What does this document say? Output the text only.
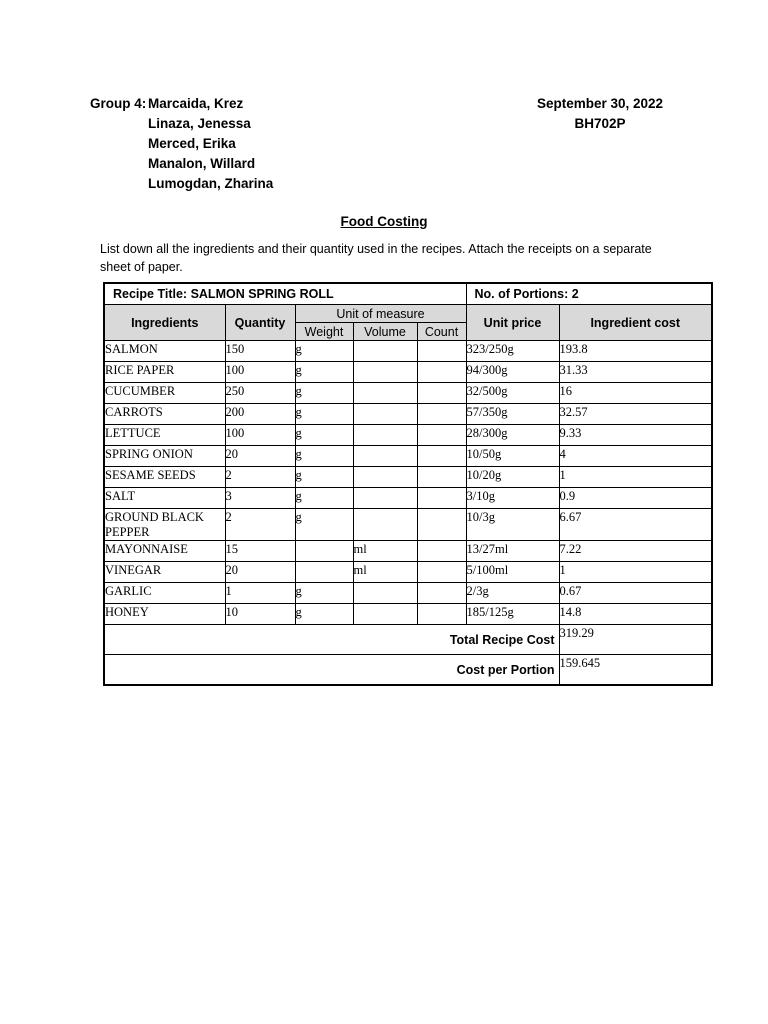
Group 4: Marcaida, Krez
Linaza, Jenessa
Merced, Erika
Manalon, Willard
Lumogdan, Zharina
September 30, 2022
BH702P
Food Costing
List down all the ingredients and their quantity used in the recipes. Attach the receipts on a separate sheet of paper.
Recipe Title: SALMON SPRING ROLL					No. of Portions: 2	
Ingredients	Quantity	Unit of measure			Unit price	Ingredient cost
		Weight	Volume	Count		
SALMON	150	g			323/250g	193.8
RICE PAPER	100	g			94/300g	31.33
CUCUMBER	250	g			32/500g	16
CARROTS	200	g			57/350g	32.57
LETTUCE	100	g			28/300g	9.33
SPRING ONION	20	g			10/50g	4
SESAME SEEDS	2	g			10/20g	1
SALT	3	g			3/10g	0.9
GROUND BLACK PEPPER	2	g			10/3g	6.67
MAYONNAISE	15		ml		13/27ml	7.22
VINEGAR	20		ml		5/100ml	1
GARLIC	1	g			2/3g	0.67
HONEY	10	g			185/125g	14.8
Total Recipe Cost						319.29
Cost per Portion						159.645
